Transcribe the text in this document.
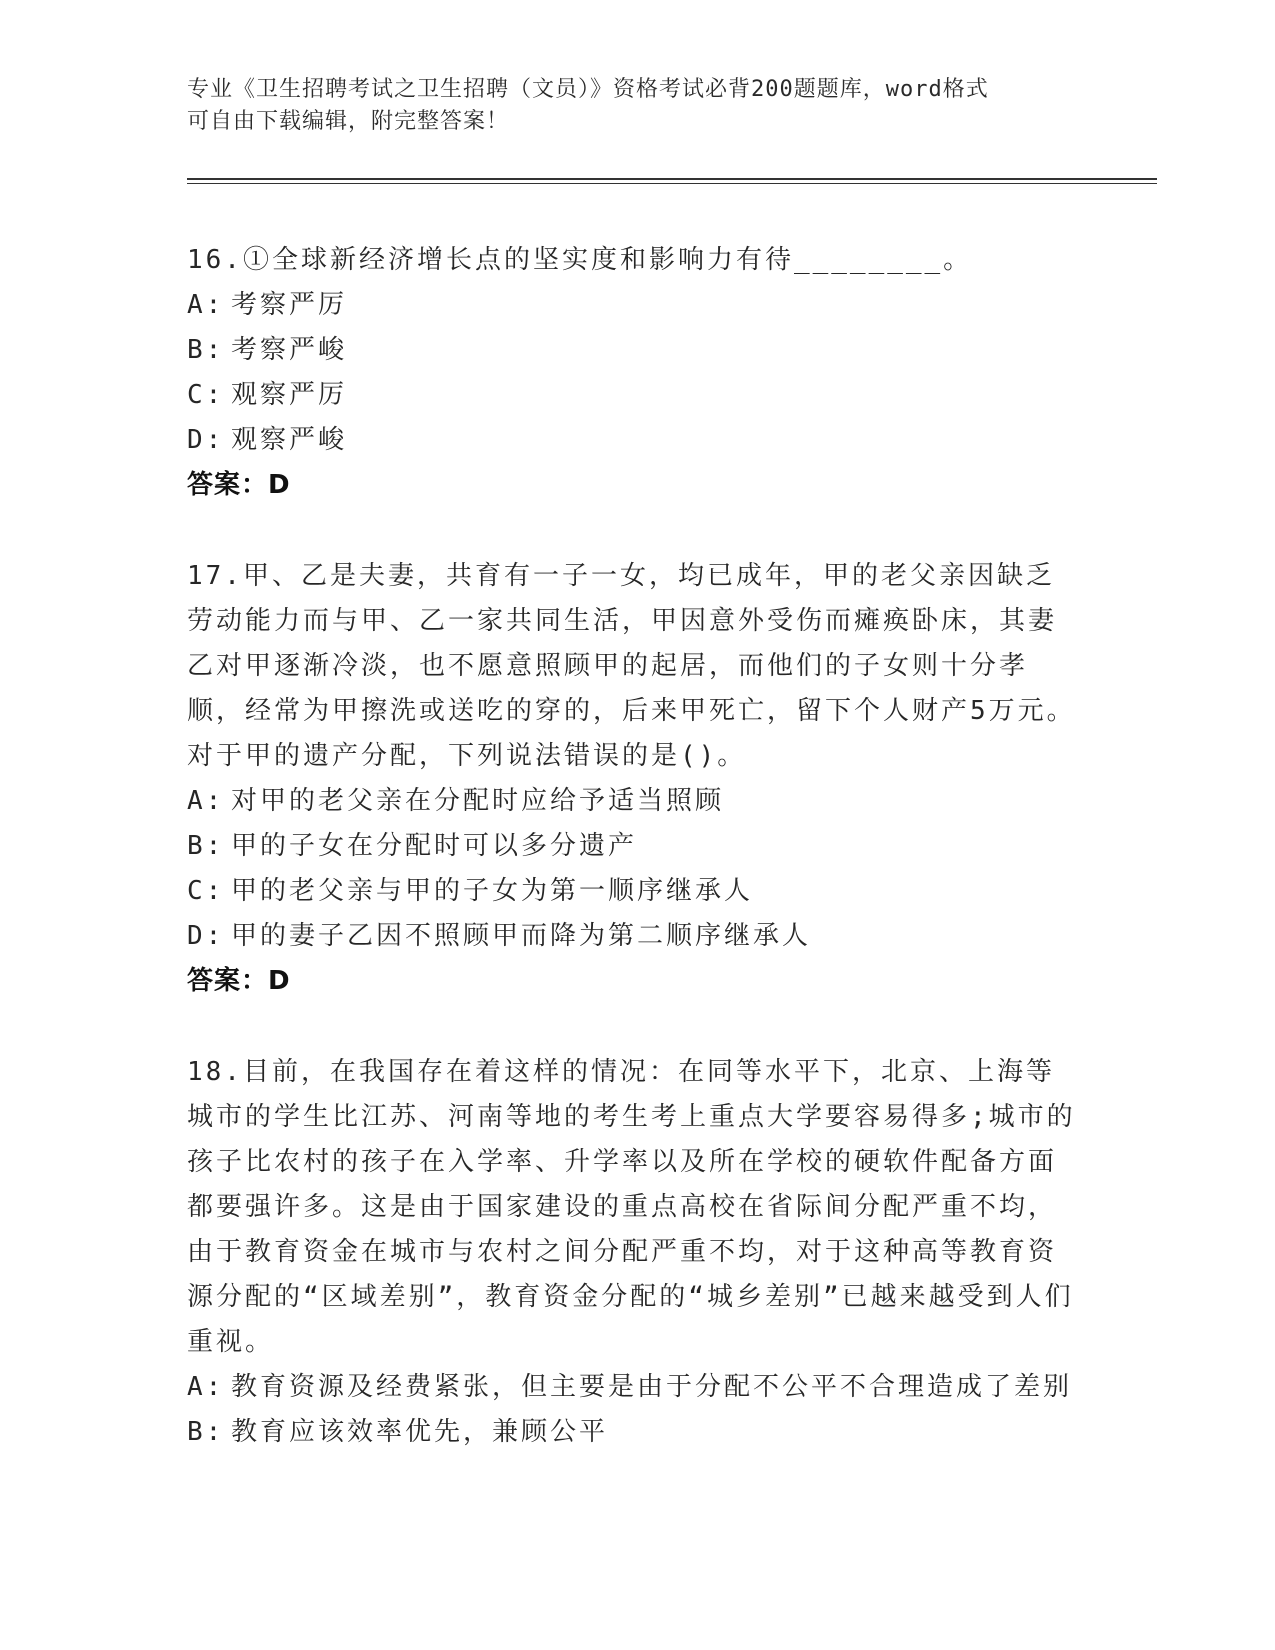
专业《卫生招聘考试之卫生招聘（文员）》资格考试必背200题题库，word格式
可自由下载编辑，附完整答案！
16.①全球新经济增长点的坚实度和影响力有待________。
A: 考察严厉
B: 考察严峻
C: 观察严厉
D: 观察严峻
答案：D
17.甲、乙是夫妻，共育有一子一女，均已成年，甲的老父亲因缺乏劳动能力而与甲、乙一家共同生活，甲因意外受伤而瘫痪卧床，其妻乙对甲逐渐冷淡，也不愿意照顾甲的起居，而他们的子女则十分孝顺，经常为甲擦洗或送吃的穿的，后来甲死亡，留下个人财产5万元。对于甲的遗产分配，下列说法错误的是()。
A: 对甲的老父亲在分配时应给予适当照顾
B: 甲的子女在分配时可以多分遗产
C: 甲的老父亲与甲的子女为第一顺序继承人
D: 甲的妻子乙因不照顾甲而降为第二顺序继承人
答案：D
18.目前，在我国存在着这样的情况：在同等水平下，北京、上海等城市的学生比江苏、河南等地的考生考上重点大学要容易得多;城市的孩子比农村的孩子在入学率、升学率以及所在学校的硬软件配备方面都要强许多。这是由于国家建设的重点高校在省际间分配严重不均，由于教育资金在城市与农村之间分配严重不均，对于这种高等教育资源分配的“区域差别”，教育资金分配的“城乡差别”已越来越受到人们重视。
A: 教育资源及经费紧张，但主要是由于分配不公平不合理造成了差别
B: 教育应该效率优先，兼顾公平
